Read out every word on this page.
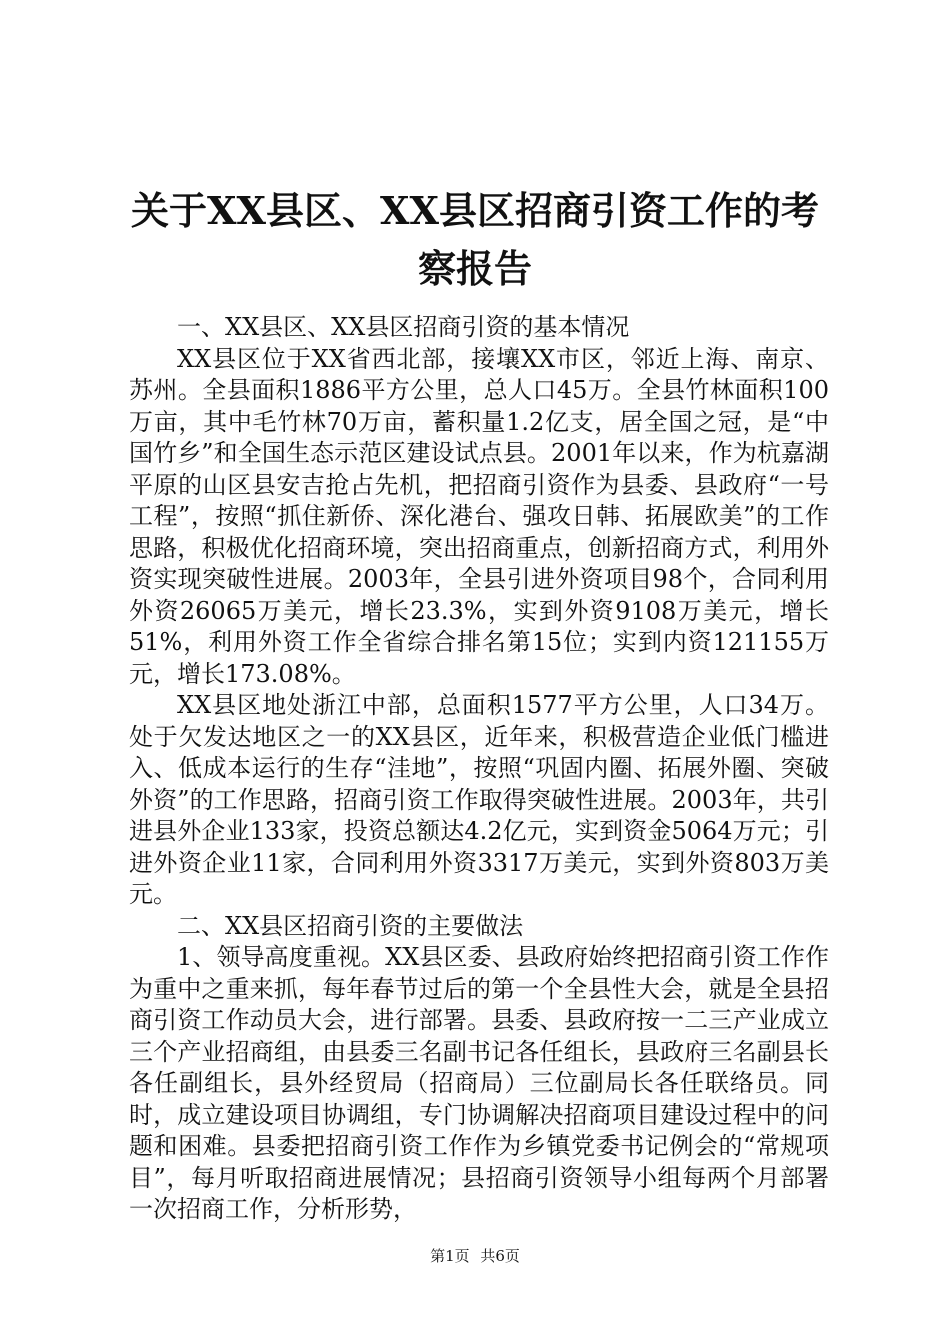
关于XX县区、XX县区招商引资工作的考察报告

一、XX县区、XX县区招商引资的基本情况

XX县区位于XX省西北部，接壤XX市区，邻近上海、南京、苏州。全县面积1886平方公里，总人口45万。全县竹林面积100万亩，其中毛竹林70万亩，蓄积量1.2亿支，居全国之冠，是“中国竹乡”和全国生态示范区建设试点县。2001年以来，作为杭嘉湖平原的山区县安吉抢占先机，把招商引资作为县委、县政府“一号工程”，按照“抓住新侨、深化港台、强攻日韩、拓展欧美”的工作思路，积极优化招商环境，突出招商重点，创新招商方式，利用外资实现突破性进展。2003年，全县引进外资项目98个，合同利用外资26065万美元，增长23.3%，实到外资9108万美元，增长51%，利用外资工作全省综合排名第15位；实到内资121155万元，增长173.08%。

XX县区地处浙江中部，总面积1577平方公里，人口34万。处于欠发达地区之一的XX县区，近年来，积极营造企业低门槛进入、低成本运行的生存“洼地”，按照“巩固内圈、拓展外圈、突破外资”的工作思路，招商引资工作取得突破性进展。2003年，共引进县外企业133家，投资总额达4.2亿元，实到资金5064万元；引进外资企业11家，合同利用外资3317万美元，实到外资803万美元。

二、XX县区招商引资的主要做法

1、领导高度重视。XX县区委、县政府始终把招商引资工作作为重中之重来抓，每年春节过后的第一个全县性大会，就是全县招商引资工作动员大会，进行部署。县委、县政府按一二三产业成立三个产业招商组，由县委三名副书记各任组长，县政府三名副县长各任副组长，县外经贸局（招商局）三位副局长各任联络员。同时，成立建设项目协调组，专门协调解决招商项目建设过程中的问题和困难。县委把招商引资工作作为乡镇党委书记例会的“常规项目”，每月听取招商进展情况；县招商引资领导小组每两个月部署一次招商工作，分析形势，

第1页 共6页
